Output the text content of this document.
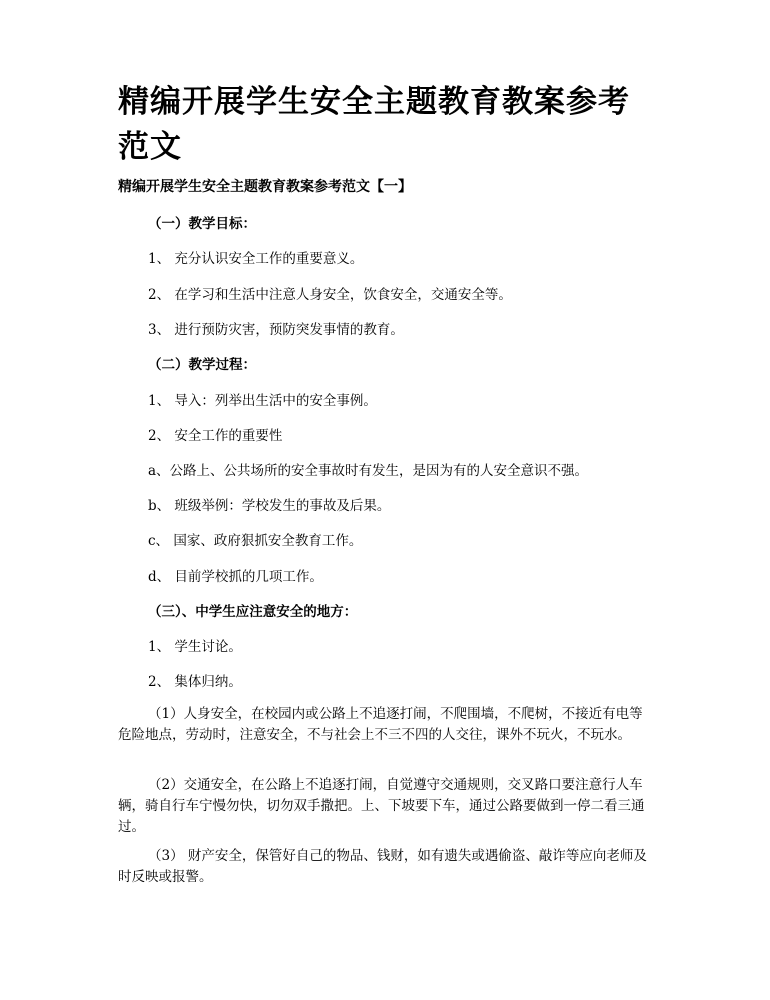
精编开展学生安全主题教育教案参考范文

精编开展学生安全主题教育教案参考范文【一】

（一）教学目标：

1、 充分认识安全工作的重要意义。

2、 在学习和生活中注意人身安全，饮食安全，交通安全等。

3、 进行预防灾害，预防突发事情的教育。

（二）教学过程：

1、 导入：列举出生活中的安全事例。

2、 安全工作的重要性

a、公路上、公共场所的安全事故时有发生，是因为有的人安全意识不强。

b、 班级举例：学校发生的事故及后果。

c、 国家、政府狠抓安全教育工作。

d、 目前学校抓的几项工作。

（三）、中学生应注意安全的地方：

1、 学生讨论。

2、 集体归纳。

（1）人身安全，在校园内或公路上不追逐打闹，不爬围墙，不爬树，不接近有电等危险地点，劳动时，注意安全，不与社会上不三不四的人交往，课外不玩火，不玩水。

（2）交通安全，在公路上不追逐打闹，自觉遵守交通规则，交叉路口要注意行人车辆，骑自行车宁慢勿快，切勿双手撒把。上、下坡要下车，通过公路要做到一停二看三通过。

（3） 财产安全，保管好自己的物品、钱财，如有遗失或遇偷盗、敲诈等应向老师及时反映或报警。
